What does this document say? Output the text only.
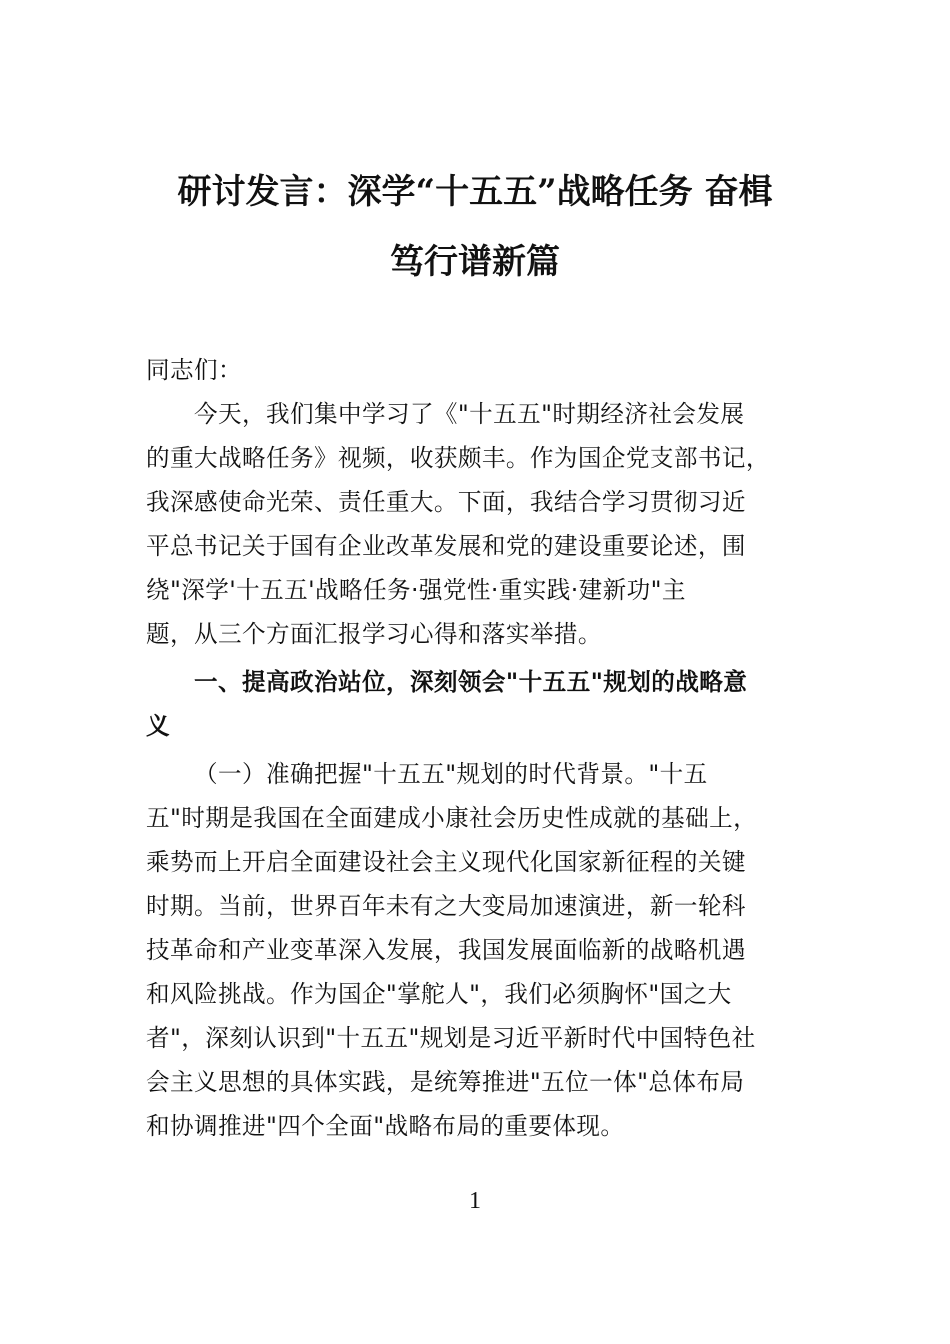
研讨发言：深学“十五五”战略任务 奋楫
笃行谱新篇

同志们：

今天，我们集中学习了《"十五五"时期经济社会发展

的重大战略任务》视频，收获颇丰。作为国企党支部书记，

我深感使命光荣、责任重大。下面，我结合学习贯彻习近

平总书记关于国有企业改革发展和党的建设重要论述，围

绕"深学'十五五'战略任务·强党性·重实践·建新功"主

题，从三个方面汇报学习心得和落实举措。

一、提高政治站位，深刻领会"十五五"规划的战略意

义

（一）准确把握"十五五"规划的时代背景。"十五

五"时期是我国在全面建成小康社会历史性成就的基础上，

乘势而上开启全面建设社会主义现代化国家新征程的关键

时期。当前，世界百年未有之大变局加速演进，新一轮科

技革命和产业变革深入发展，我国发展面临新的战略机遇

和风险挑战。作为国企"掌舵人"，我们必须胸怀"国之大

者"，深刻认识到"十五五"规划是习近平新时代中国特色社

会主义思想的具体实践，是统筹推进"五位一体"总体布局

和协调推进"四个全面"战略布局的重要体现。

1
